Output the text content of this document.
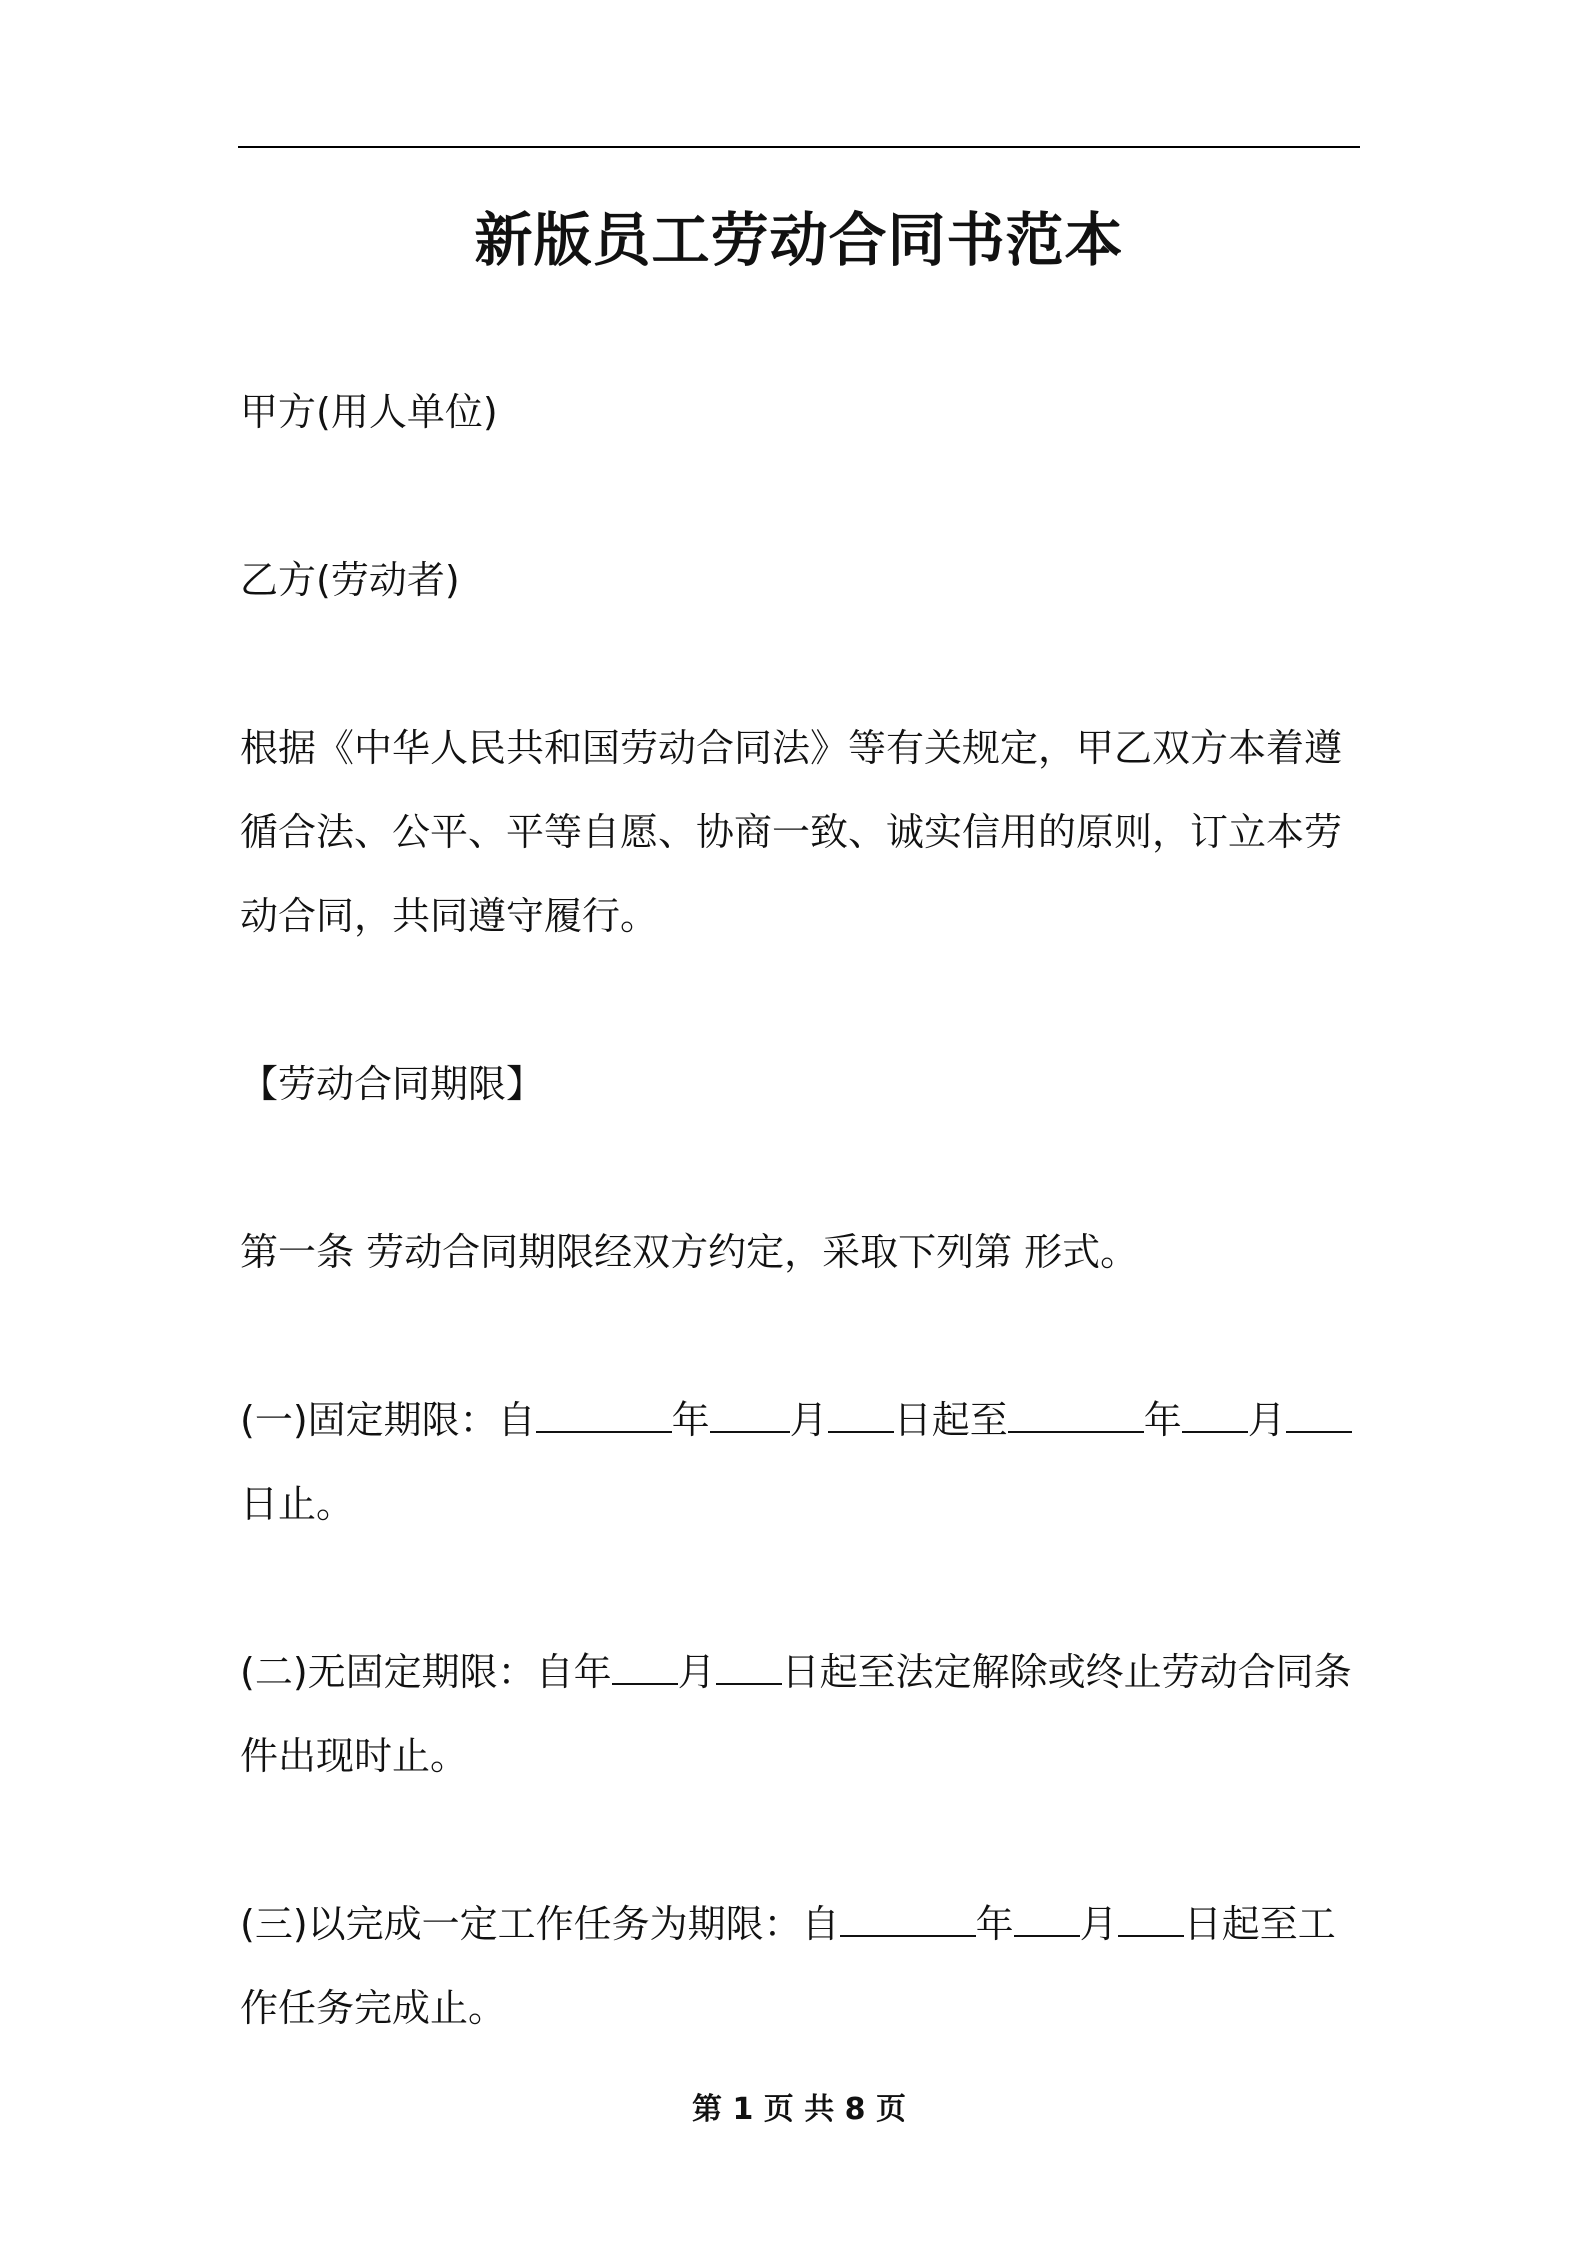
新版员工劳动合同书范本

甲方(用人单位)

乙方(劳动者)

根据《中华人民共和国劳动合同法》等有关规定，甲乙双方本着遵循合法、公平、平等自愿、协商一致、诚实信用的原则，订立本劳动合同，共同遵守履行。

【劳动合同期限】

第一条 劳动合同期限经双方约定，采取下列第 形式。

(一)固定期限：自	年 月 日起至	年 月日止。

(二)无固定期限：自年 月 日起至法定解除或终止劳动合同条件出现时止。

(三)以完成一定工作任务为期限：自	年 月 日起至工作任务完成止。

第 1 页 共 8 页
